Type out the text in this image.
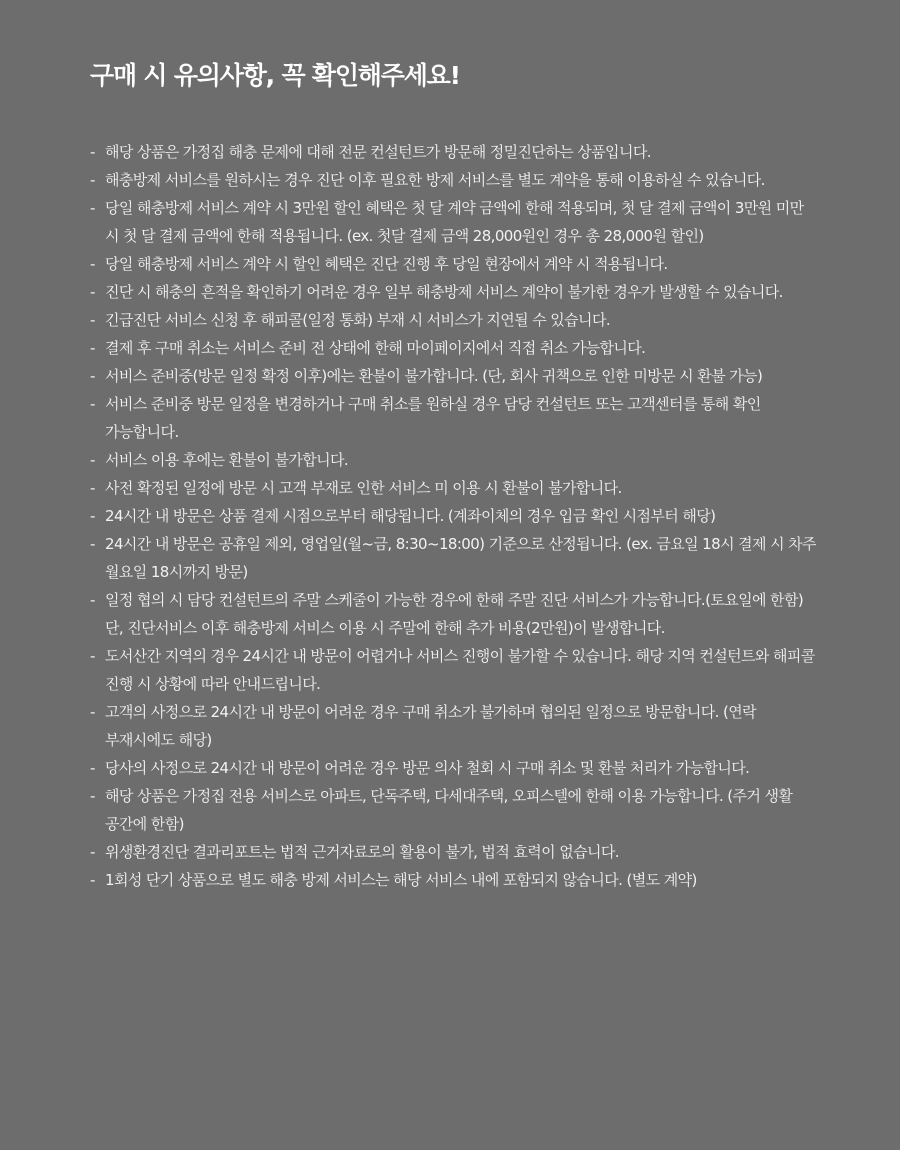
구매 시 유의사항, 꼭 확인해주세요!
- 해당 상품은 가정집 해충 문제에 대해 전문 컨설턴트가 방문해 정밀진단하는 상품입니다.
- 해충방제 서비스를 원하시는 경우 진단 이후 필요한 방제 서비스를 별도 계약을 통해 이용하실 수 있습니다.
- 당일 해충방제 서비스 계약 시 3만원 할인 혜택은 첫 달 계약 금액에 한해 적용되며, 첫 달 결제 금액이 3만원 미만 시 첫 달 결제 금액에 한해 적용됩니다. (ex. 첫달 결제 금액 28,000원인 경우 총 28,000원 할인)
- 당일 해충방제 서비스 계약 시 할인 혜택은 진단 진행 후 당일 현장에서 계약 시 적용됩니다.
- 진단 시 해충의 흔적을 확인하기 어려운 경우 일부 해충방제 서비스 계약이 불가한 경우가 발생할 수 있습니다.
- 긴급진단 서비스 신청 후 해피콜(일정 통화) 부재 시 서비스가 지연될 수 있습니다.
- 결제 후 구매 취소는 서비스 준비 전 상태에 한해 마이페이지에서 직접 취소 가능합니다.
- 서비스 준비중(방문 일정 확정 이후)에는 환불이 불가합니다. (단, 회사 귀책으로 인한 미방문 시 환불 가능)
- 서비스 준비중 방문 일정을 변경하거나 구매 취소를 원하실 경우 담당 컨설턴트 또는 고객센터를 통해 확인 가능합니다.
- 서비스 이용 후에는 환불이 불가합니다.
- 사전 확정된 일정에 방문 시 고객 부재로 인한 서비스 미 이용 시 환불이 불가합니다.
- 24시간 내 방문은 상품 결제 시점으로부터 해당됩니다. (계좌이체의 경우 입금 확인 시점부터 해당)
- 24시간 내 방문은 공휴일 제외, 영업일(월~금, 8:30~18:00) 기준으로 산정됩니다. (ex. 금요일 18시 결제 시 차주 월요일 18시까지 방문)
- 일정 협의 시 담당 컨설턴트의 주말 스케줄이 가능한 경우에 한해 주말 진단 서비스가 가능합니다.(토요일에 한함) 단, 진단서비스 이후 해충방제 서비스 이용 시 주말에 한해 추가 비용(2만원)이 발생합니다.
- 도서산간 지역의 경우 24시간 내 방문이 어렵거나 서비스 진행이 불가할 수 있습니다. 해당 지역 컨설턴트와 해피콜 진행 시 상황에 따라 안내드립니다.
- 고객의 사정으로 24시간 내 방문이 어려운 경우 구매 취소가 불가하며 협의된 일정으로 방문합니다. (연락 부재시에도 해당)
- 당사의 사정으로 24시간 내 방문이 어려운 경우 방문 의사 철회 시 구매 취소 및 환불 처리가 가능합니다.
- 해당 상품은 가정집 전용 서비스로 아파트, 단독주택, 다세대주택, 오피스텔에 한해 이용 가능합니다. (주거 생활 공간에 한함)
- 위생환경진단 결과리포트는 법적 근거자료로의 활용이 불가, 법적 효력이 없습니다.
- 1회성 단기 상품으로 별도 해충 방제 서비스는 해당 서비스 내에 포함되지 않습니다. (별도 계약)
